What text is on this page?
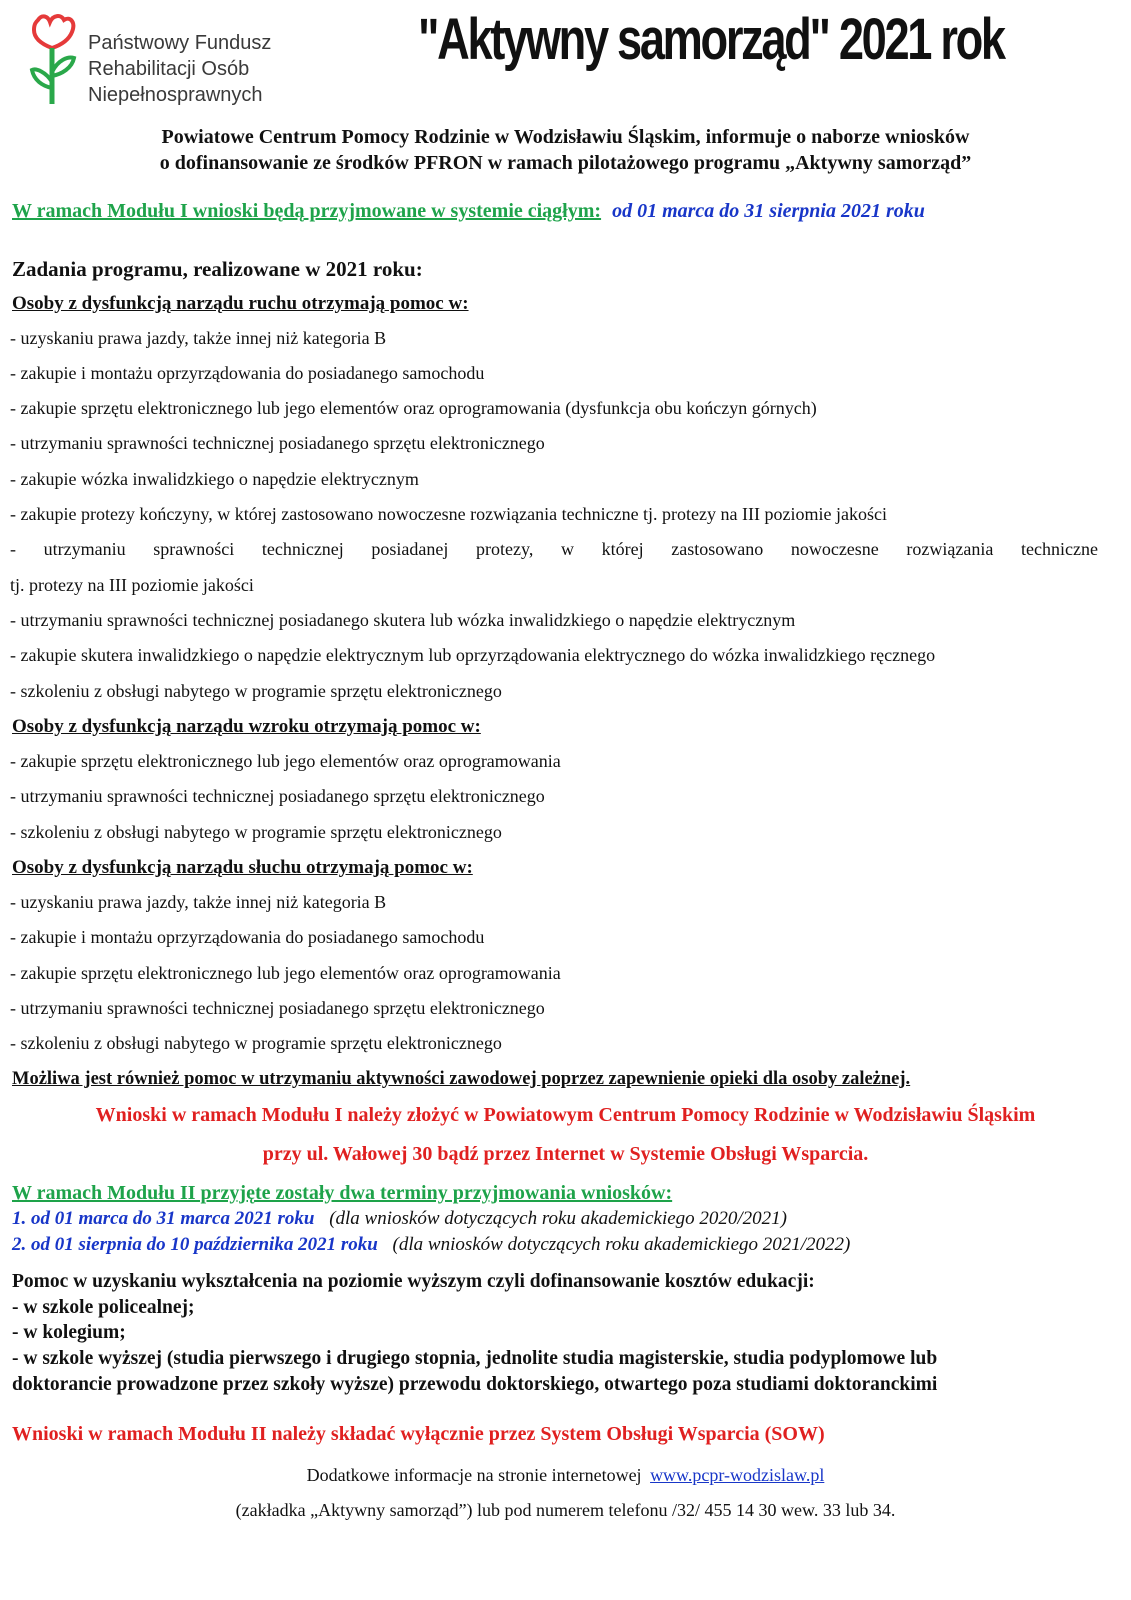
Państwowy Fundusz
Rehabilitacji Osób
Niepełnosprawnych
"Aktywny samorząd" 2021 rok
Powiatowe Centrum Pomocy Rodzinie w Wodzisławiu Śląskim, informuje o naborze wniosków
o dofinansowanie ze środków PFRON w ramach pilotażowego programu „Aktywny samorząd”
W ramach Modułu I wnioski będą przyjmowane w systemie ciągłym: od 01 marca do 31 sierpnia 2021 roku
Zadania programu, realizowane w 2021 roku:
Osoby z dysfunkcją narządu ruchu otrzymają pomoc w:
- uzyskaniu prawa jazdy, także innej niż kategoria B
- zakupie i montażu oprzyrządowania do posiadanego samochodu
- zakupie sprzętu elektronicznego lub jego elementów oraz oprogramowania (dysfunkcja obu kończyn górnych)
- utrzymaniu sprawności technicznej posiadanego sprzętu elektronicznego
- zakupie wózka inwalidzkiego o napędzie elektrycznym
- zakupie protezy kończyny, w której zastosowano nowoczesne rozwiązania techniczne tj. protezy na III poziomie jakości
- utrzymaniu sprawności technicznej posiadanej protezy, w której zastosowano nowoczesne rozwiązania techniczne
tj. protezy na III poziomie jakości
- utrzymaniu sprawności technicznej posiadanego skutera lub wózka inwalidzkiego o napędzie elektrycznym
- zakupie skutera inwalidzkiego o napędzie elektrycznym lub oprzyrządowania elektrycznego do wózka inwalidzkiego ręcznego
- szkoleniu z obsługi nabytego w programie sprzętu elektronicznego
Osoby z dysfunkcją narządu wzroku otrzymają pomoc w:
- zakupie sprzętu elektronicznego lub jego elementów oraz oprogramowania
- utrzymaniu sprawności technicznej posiadanego sprzętu elektronicznego
- szkoleniu z obsługi nabytego w programie sprzętu elektronicznego
Osoby z dysfunkcją narządu słuchu otrzymają pomoc w:
- uzyskaniu prawa jazdy, także innej niż kategoria B
- zakupie i montażu oprzyrządowania do posiadanego samochodu
- zakupie sprzętu elektronicznego lub jego elementów oraz oprogramowania
- utrzymaniu sprawności technicznej posiadanego sprzętu elektronicznego
- szkoleniu z obsługi nabytego w programie sprzętu elektronicznego
Możliwa jest również pomoc w utrzymaniu aktywności zawodowej poprzez zapewnienie opieki dla osoby zależnej.
Wnioski w ramach Modułu I należy złożyć w Powiatowym Centrum Pomocy Rodzinie w Wodzisławiu Śląskim
przy ul. Wałowej 30 bądź przez Internet w Systemie Obsługi Wsparcia.
W ramach Modułu II przyjęte zostały dwa terminy przyjmowania wniosków:
1. od 01 marca do 31 marca 2021 roku (dla wniosków dotyczących roku akademickiego 2020/2021)
2. od 01 sierpnia do 10 października 2021 roku (dla wniosków dotyczących roku akademickiego 2021/2022)
Pomoc w uzyskaniu wykształcenia na poziomie wyższym czyli dofinansowanie kosztów edukacji:
- w szkole policealnej;
- w kolegium;
- w szkole wyższej (studia pierwszego i drugiego stopnia, jednolite studia magisterskie, studia podyplomowe lub
doktorancie prowadzone przez szkoły wyższe) przewodu doktorskiego, otwartego poza studiami doktoranckimi
Wnioski w ramach Modułu II należy składać wyłącznie przez System Obsługi Wsparcia (SOW)
Dodatkowe informacje na stronie internetowej www.pcpr-wodzislaw.pl
(zakładka „Aktywny samorząd”) lub pod numerem telefonu /32/ 455 14 30 wew. 33 lub 34.
